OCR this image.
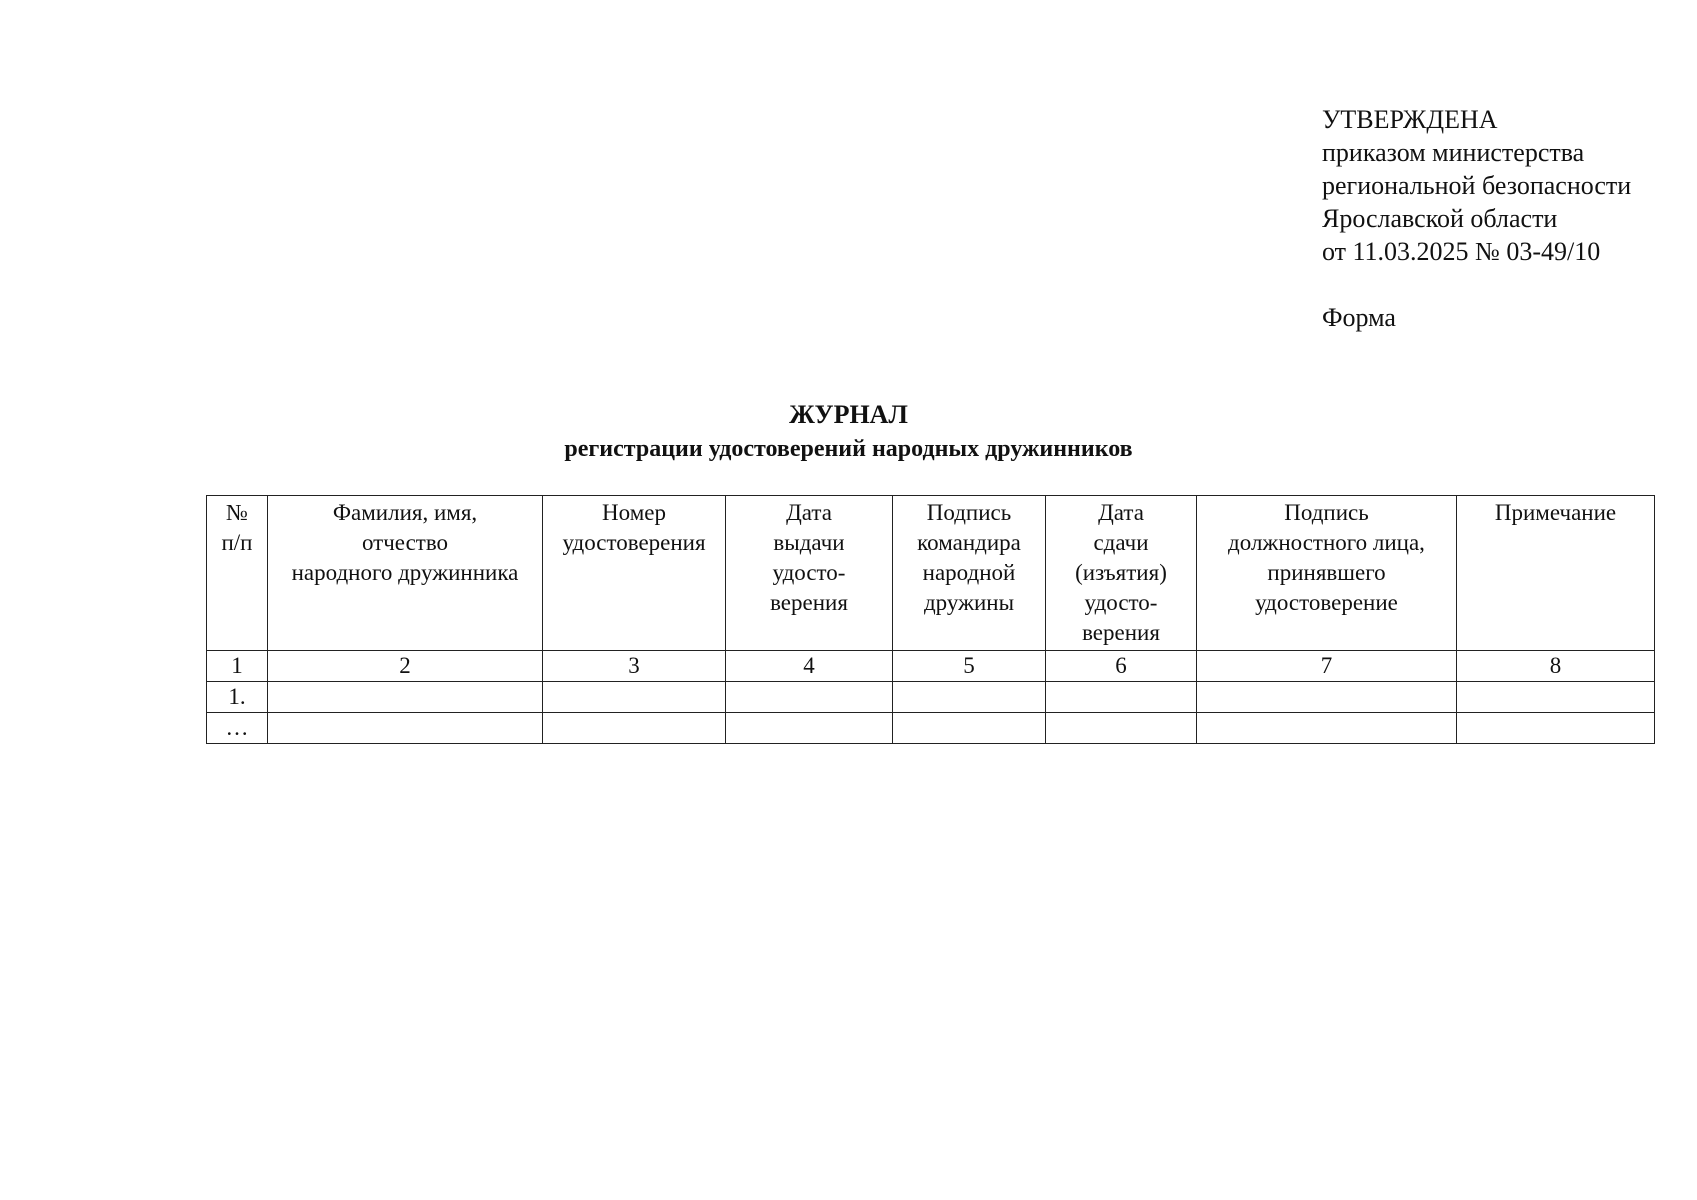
УТВЕРЖДЕНА
приказом министерства
региональной безопасности
Ярославской области
от 11.03.2025 № 03-49/10
Форма
ЖУРНАЛ
регистрации удостоверений народных дружинников
№
п/п	Фамилия, имя,
отчество
народного дружинника	Номер
удостоверения	Дата
выдачи
удосто-
верения	Подпись
командира
народной
дружины	Дата
сдачи
(изъятия)
удосто-
верения	Подпись
должностного лица,
принявшего
удостоверение	Примечание
1	2	3	4	5	6	7	8
1.							
…							
